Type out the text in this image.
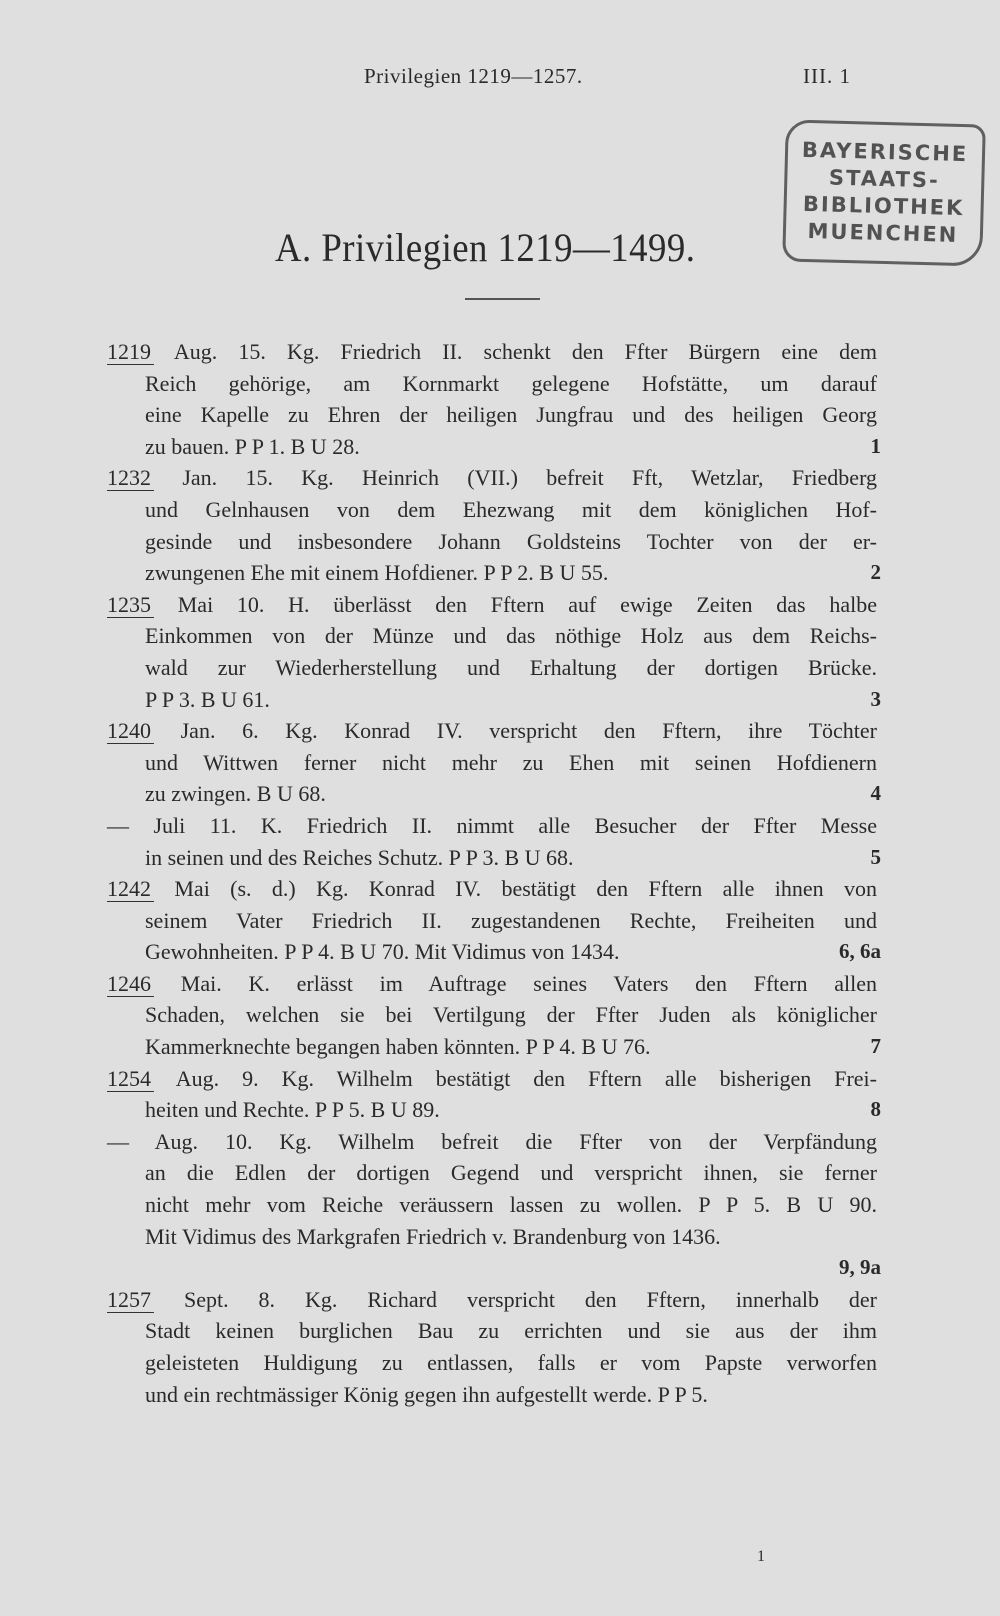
Privilegien 1219—1257.	III. 1
BAYERISCHE
STAATS-
BIBLIOTHEK
MUENCHEN
A. Privilegien 1219—1499.
1219 Aug. 15. Kg. Friedrich II. schenkt den Ffter Bürgern eine dem
Reich gehörige, am Kornmarkt gelegene Hofstätte, um darauf
eine Kapelle zu Ehren der heiligen Jungfrau und des heiligen Georg
zu bauen. P P 1. B U 28.	1
1232 Jan. 15. Kg. Heinrich (VII.) befreit Fft, Wetzlar, Friedberg
und Gelnhausen von dem Ehezwang mit dem königlichen Hof-
gesinde und insbesondere Johann Goldsteins Tochter von der er-
zwungenen Ehe mit einem Hofdiener. P P 2. B U 55.	2
1235 Mai 10. H. überlässt den Fftern auf ewige Zeiten das halbe
Einkommen von der Münze und das nöthige Holz aus dem Reichs-
wald zur Wiederherstellung und Erhaltung der dortigen Brücke.
P P 3. B U 61.	3
1240 Jan. 6. Kg. Konrad IV. verspricht den Fftern, ihre Töchter
und Wittwen ferner nicht mehr zu Ehen mit seinen Hofdienern
zu zwingen. B U 68.	4
— Juli 11. K. Friedrich II. nimmt alle Besucher der Ffter Messe
in seinen und des Reiches Schutz. P P 3. B U 68.	5
1242 Mai (s. d.) Kg. Konrad IV. bestätigt den Fftern alle ihnen von
seinem Vater Friedrich II. zugestandenen Rechte, Freiheiten und
Gewohnheiten. P P 4. B U 70. Mit Vidimus von 1434.	6, 6a
1246 Mai. K. erlässt im Auftrage seines Vaters den Fftern allen
Schaden, welchen sie bei Vertilgung der Ffter Juden als königlicher
Kammerknechte begangen haben könnten. P P 4. B U 76.	7
1254 Aug. 9. Kg. Wilhelm bestätigt den Fftern alle bisherigen Frei-
heiten und Rechte. P P 5. B U 89.	8
— Aug. 10. Kg. Wilhelm befreit die Ffter von der Verpfändung
an die Edlen der dortigen Gegend und verspricht ihnen, sie ferner
nicht mehr vom Reiche veräussern lassen zu wollen. P P 5. B U 90.
Mit Vidimus des Markgrafen Friedrich v. Brandenburg von 1436.
9, 9a
1257 Sept. 8. Kg. Richard verspricht den Fftern, innerhalb der
Stadt keinen burglichen Bau zu errichten und sie aus der ihm
geleisteten Huldigung zu entlassen, falls er vom Papste verworfen
und ein rechtmässiger König gegen ihn aufgestellt werde. P P 5.
1
